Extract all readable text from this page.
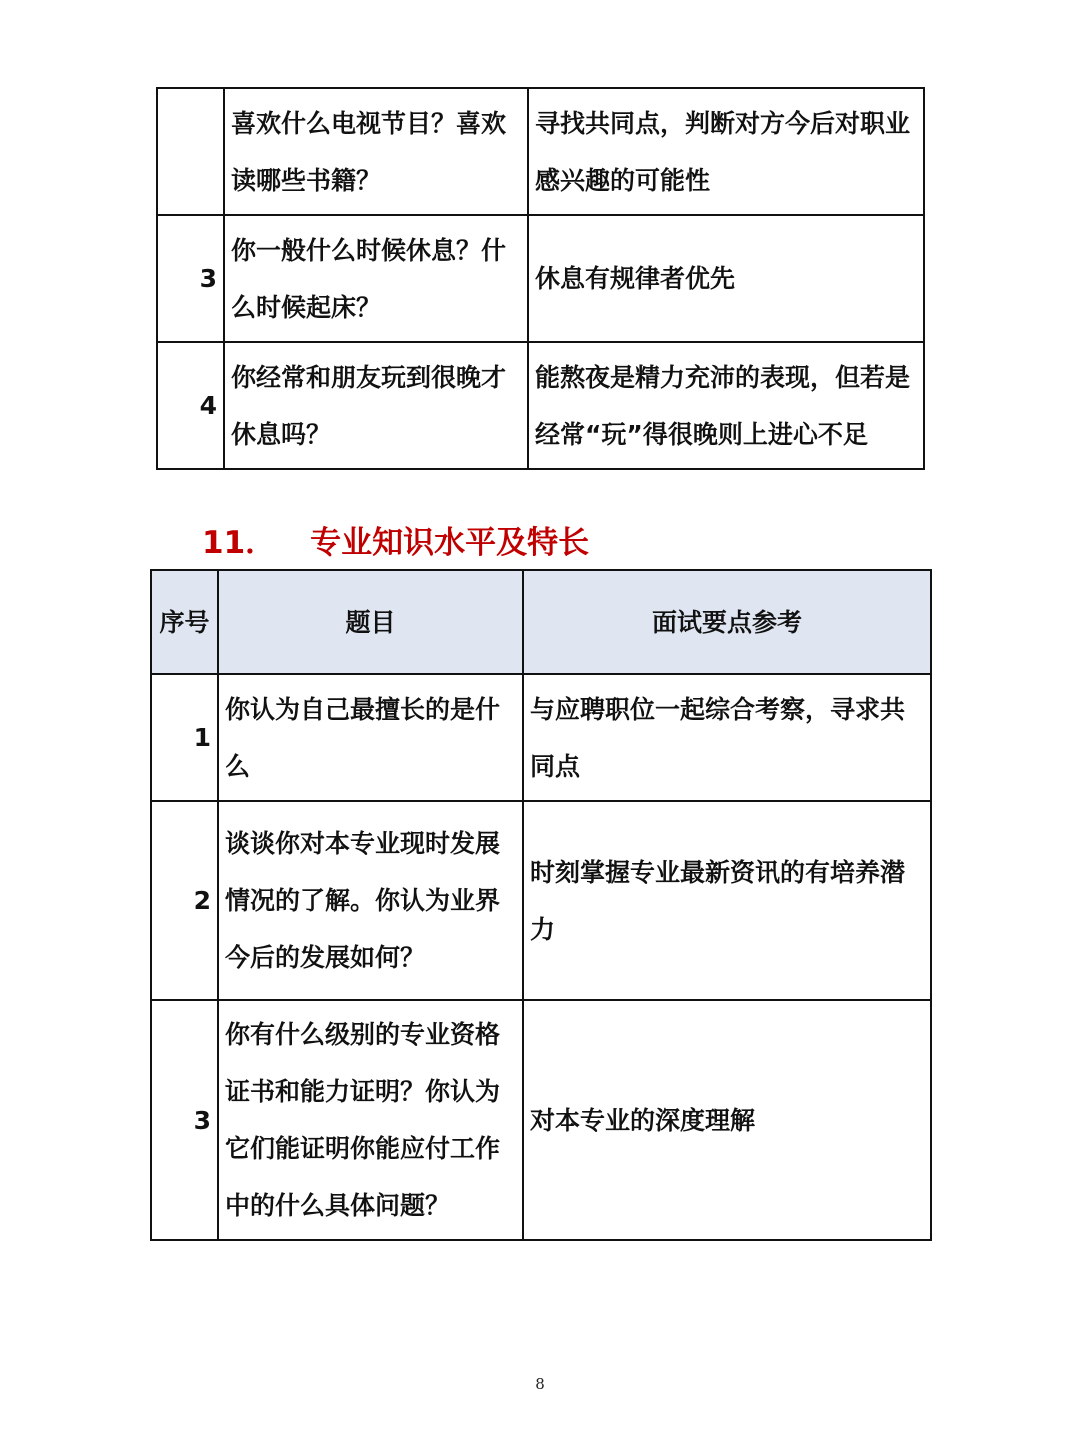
	喜欢什么电视节目？喜欢读哪些书籍？	寻找共同点，判断对方今后对职业感兴趣的可能性
3	你一般什么时候休息？什么时候起床？	休息有规律者优先
4	你经常和朋友玩到很晚才休息吗？	能熬夜是精力充沛的表现，但若是经常“玩”得很晚则上进心不足
11． 专业知识水平及特长
序号	题目	面试要点参考
1	你认为自己最擅长的是什么	与应聘职位一起综合考察，寻求共同点
2	谈谈你对本专业现时发展情况的了解。你认为业界今后的发展如何？	时刻掌握专业最新资讯的有培养潜力
3	你有什么级别的专业资格证书和能力证明？你认为它们能证明你能应付工作中的什么具体问题？	对本专业的深度理解
8
